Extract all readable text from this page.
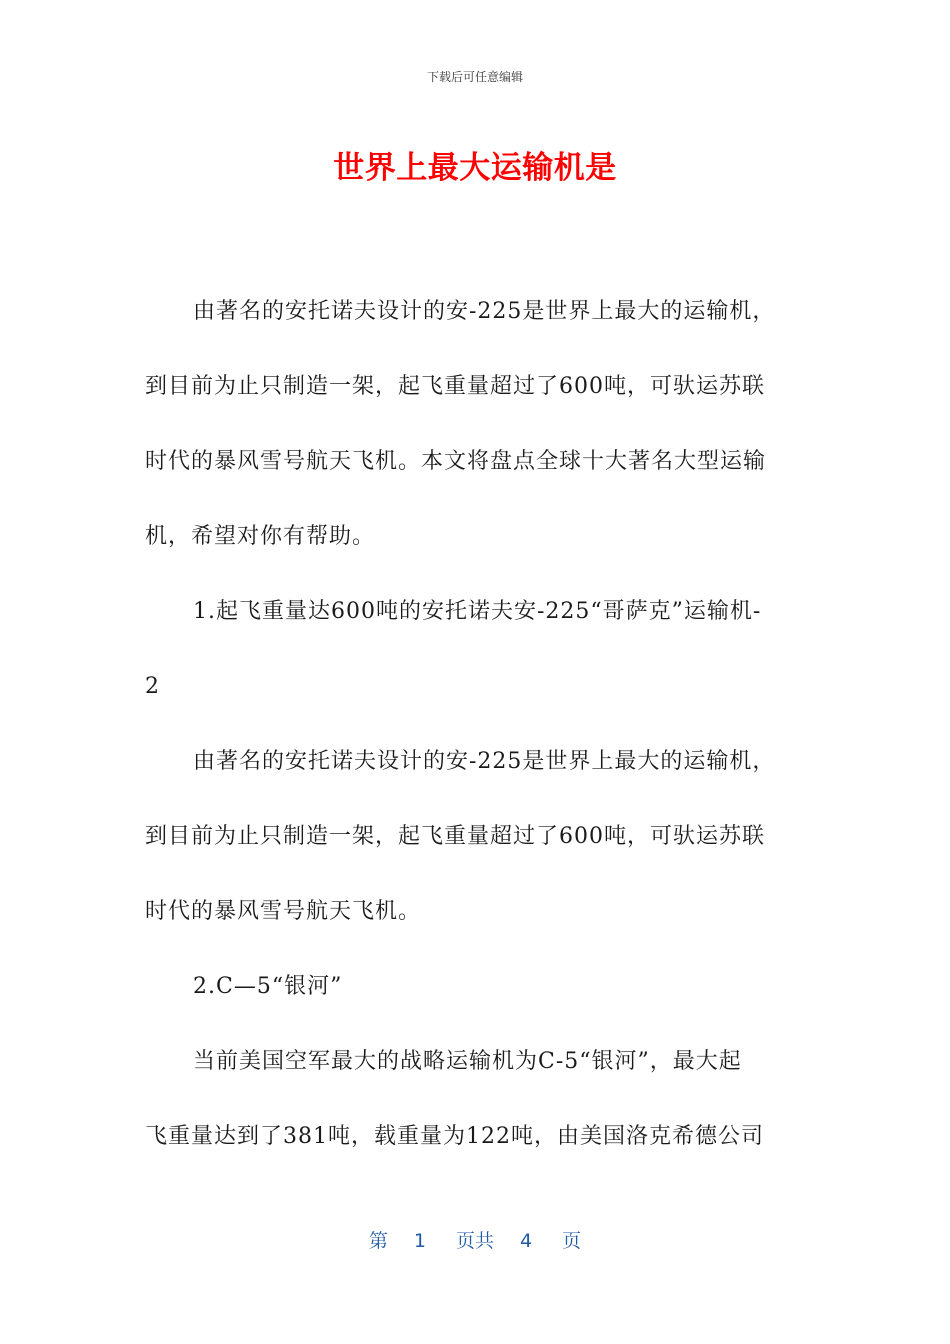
下载后可任意编辑
世界上最大运输机是

由著名的安托诺夫设计的安-225是世界上最大的运输机，

到目前为止只制造一架，起飞重量超过了600吨，可驮运苏联

时代的暴风雪号航天飞机。本文将盘点全球十大著名大型运输

机，希望对你有帮助。

1.起飞重量达600吨的安托诺夫安-225“哥萨克”运输机-

2

由著名的安托诺夫设计的安-225是世界上最大的运输机，

到目前为止只制造一架，起飞重量超过了600吨，可驮运苏联

时代的暴风雪号航天飞机。

2.C—5“银河”

当前美国空军最大的战略运输机为C-5“银河”，最大起

飞重量达到了381吨，载重量为122吨，由美国洛克希德公司

第 1 页共 4 页
